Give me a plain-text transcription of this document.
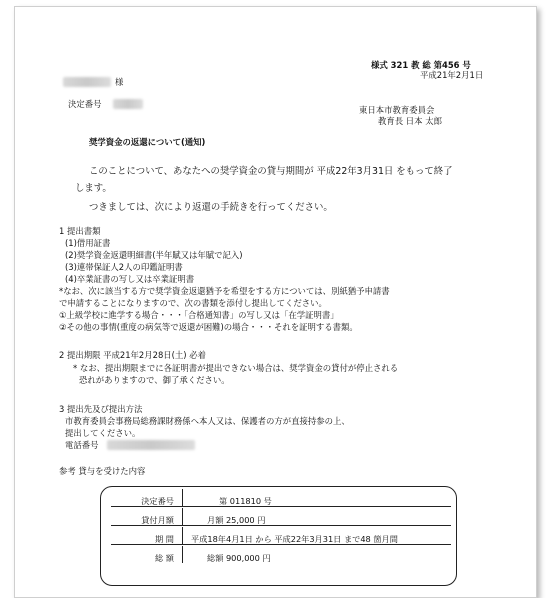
様式 321 教 総 第456 号
平成21年2月1日
様
決定番号
東日本市教育委員会
教育長 日本 太郎
奨学資金の返還について(通知)
このことについて、あなたへの奨学資金の貸与期間が 平成22年3月31日 をもって終了
します。
つきましては、次により返還の手続きを行ってください。
1 提出書類
(1)借用証書
(2)奨学資金返還明細書(半年賦又は年賦で記入)
(3)連帯保証人2人の印鑑証明書
(4)卒業証書の写し又は卒業証明書
*なお、次に該当する方で奨学資金返還猶予を希望をする方については、別紙猶予申請書
で申請することになりますので、次の書類を添付し提出してください。
①上級学校に進学する場合・・・「合格通知書」の写し又は「在学証明書」
②その他の事情(重度の病気等で返還が困難)の場合・・・それを証明する書類。
2 提出期限 平成21年2月28日(土) 必着
* なお、提出期限までに各証明書が提出できない場合は、奨学資金の貸付が停止される
恐れがありますので、御了承ください。
3 提出先及び提出方法
市教育委員会事務局総務課財務係へ本人又は、保護者の方が直接持参の上、
提出してください。
電話番号
参考 貸与を受けた内容
決定番号	第 011810 号
貸付月額	月額 25,000 円
期 間	平成18年4月1日 から 平成22年3月31日 まで48 箇月間
総 額	総額 900,000 円
